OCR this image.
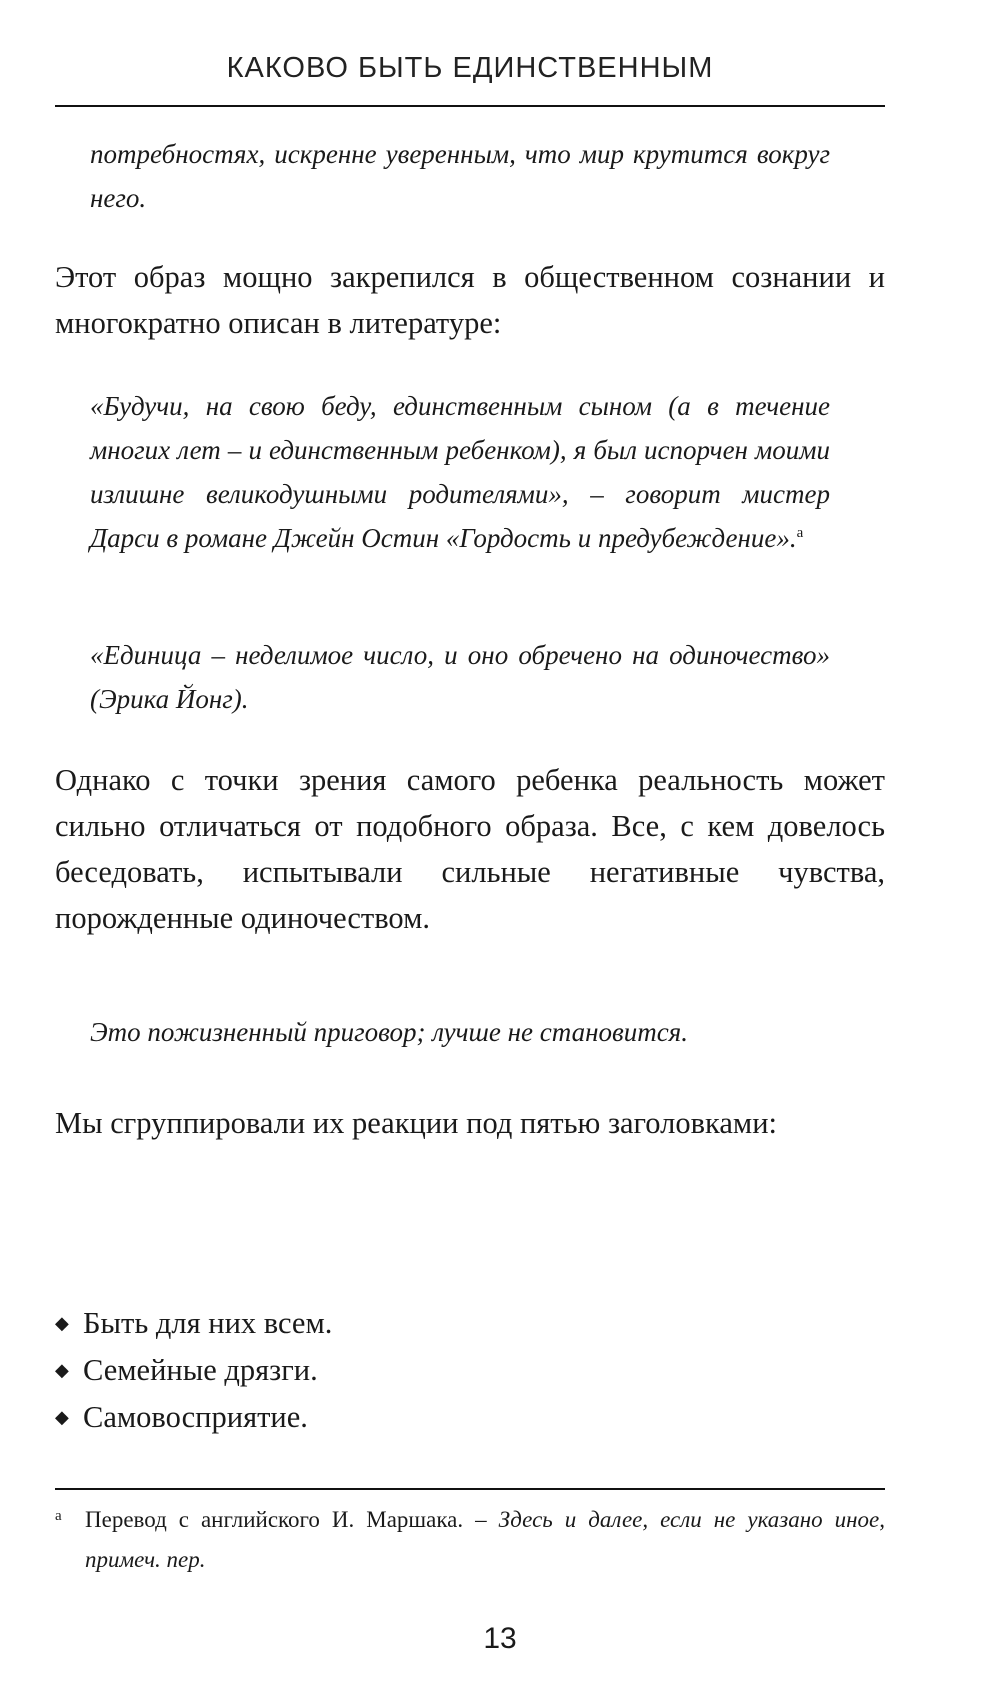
КАКОВО БЫТЬ ЕДИНСТВЕННЫМ

потребностях, искренне уверенным, что мир крутится вокруг него.

Этот образ мощно закрепился в общественном сознании и многократно описан в литературе:

«Будучи, на свою беду, единственным сыном (а в течение многих лет – и единственным ребенком), я был испорчен моими излишне великодушными родителями», – говорит мистер Дарси в романе Джейн Остин «Гордость и предубеждение».$^а$

«Единица – неделимое число, и оно обречено на одиночество» (Эрика Йонг).

Однако с точки зрения самого ребенка реальность может сильно отличаться от подобного образа. Все, с кем довелось беседовать, испытывали сильные негативные чувства, порожденные одиночеством.

Это пожизненный приговор; лучше не становится.

Мы сгруппировали их реакции под пятью заголовками:

◆ Быть для них всем.
◆ Семейные дрязги.
◆ Самовосприятие.

а	Перевод с английского И. Маршака. – Здесь и далее, если не указано иное, примеч. пер.

13
